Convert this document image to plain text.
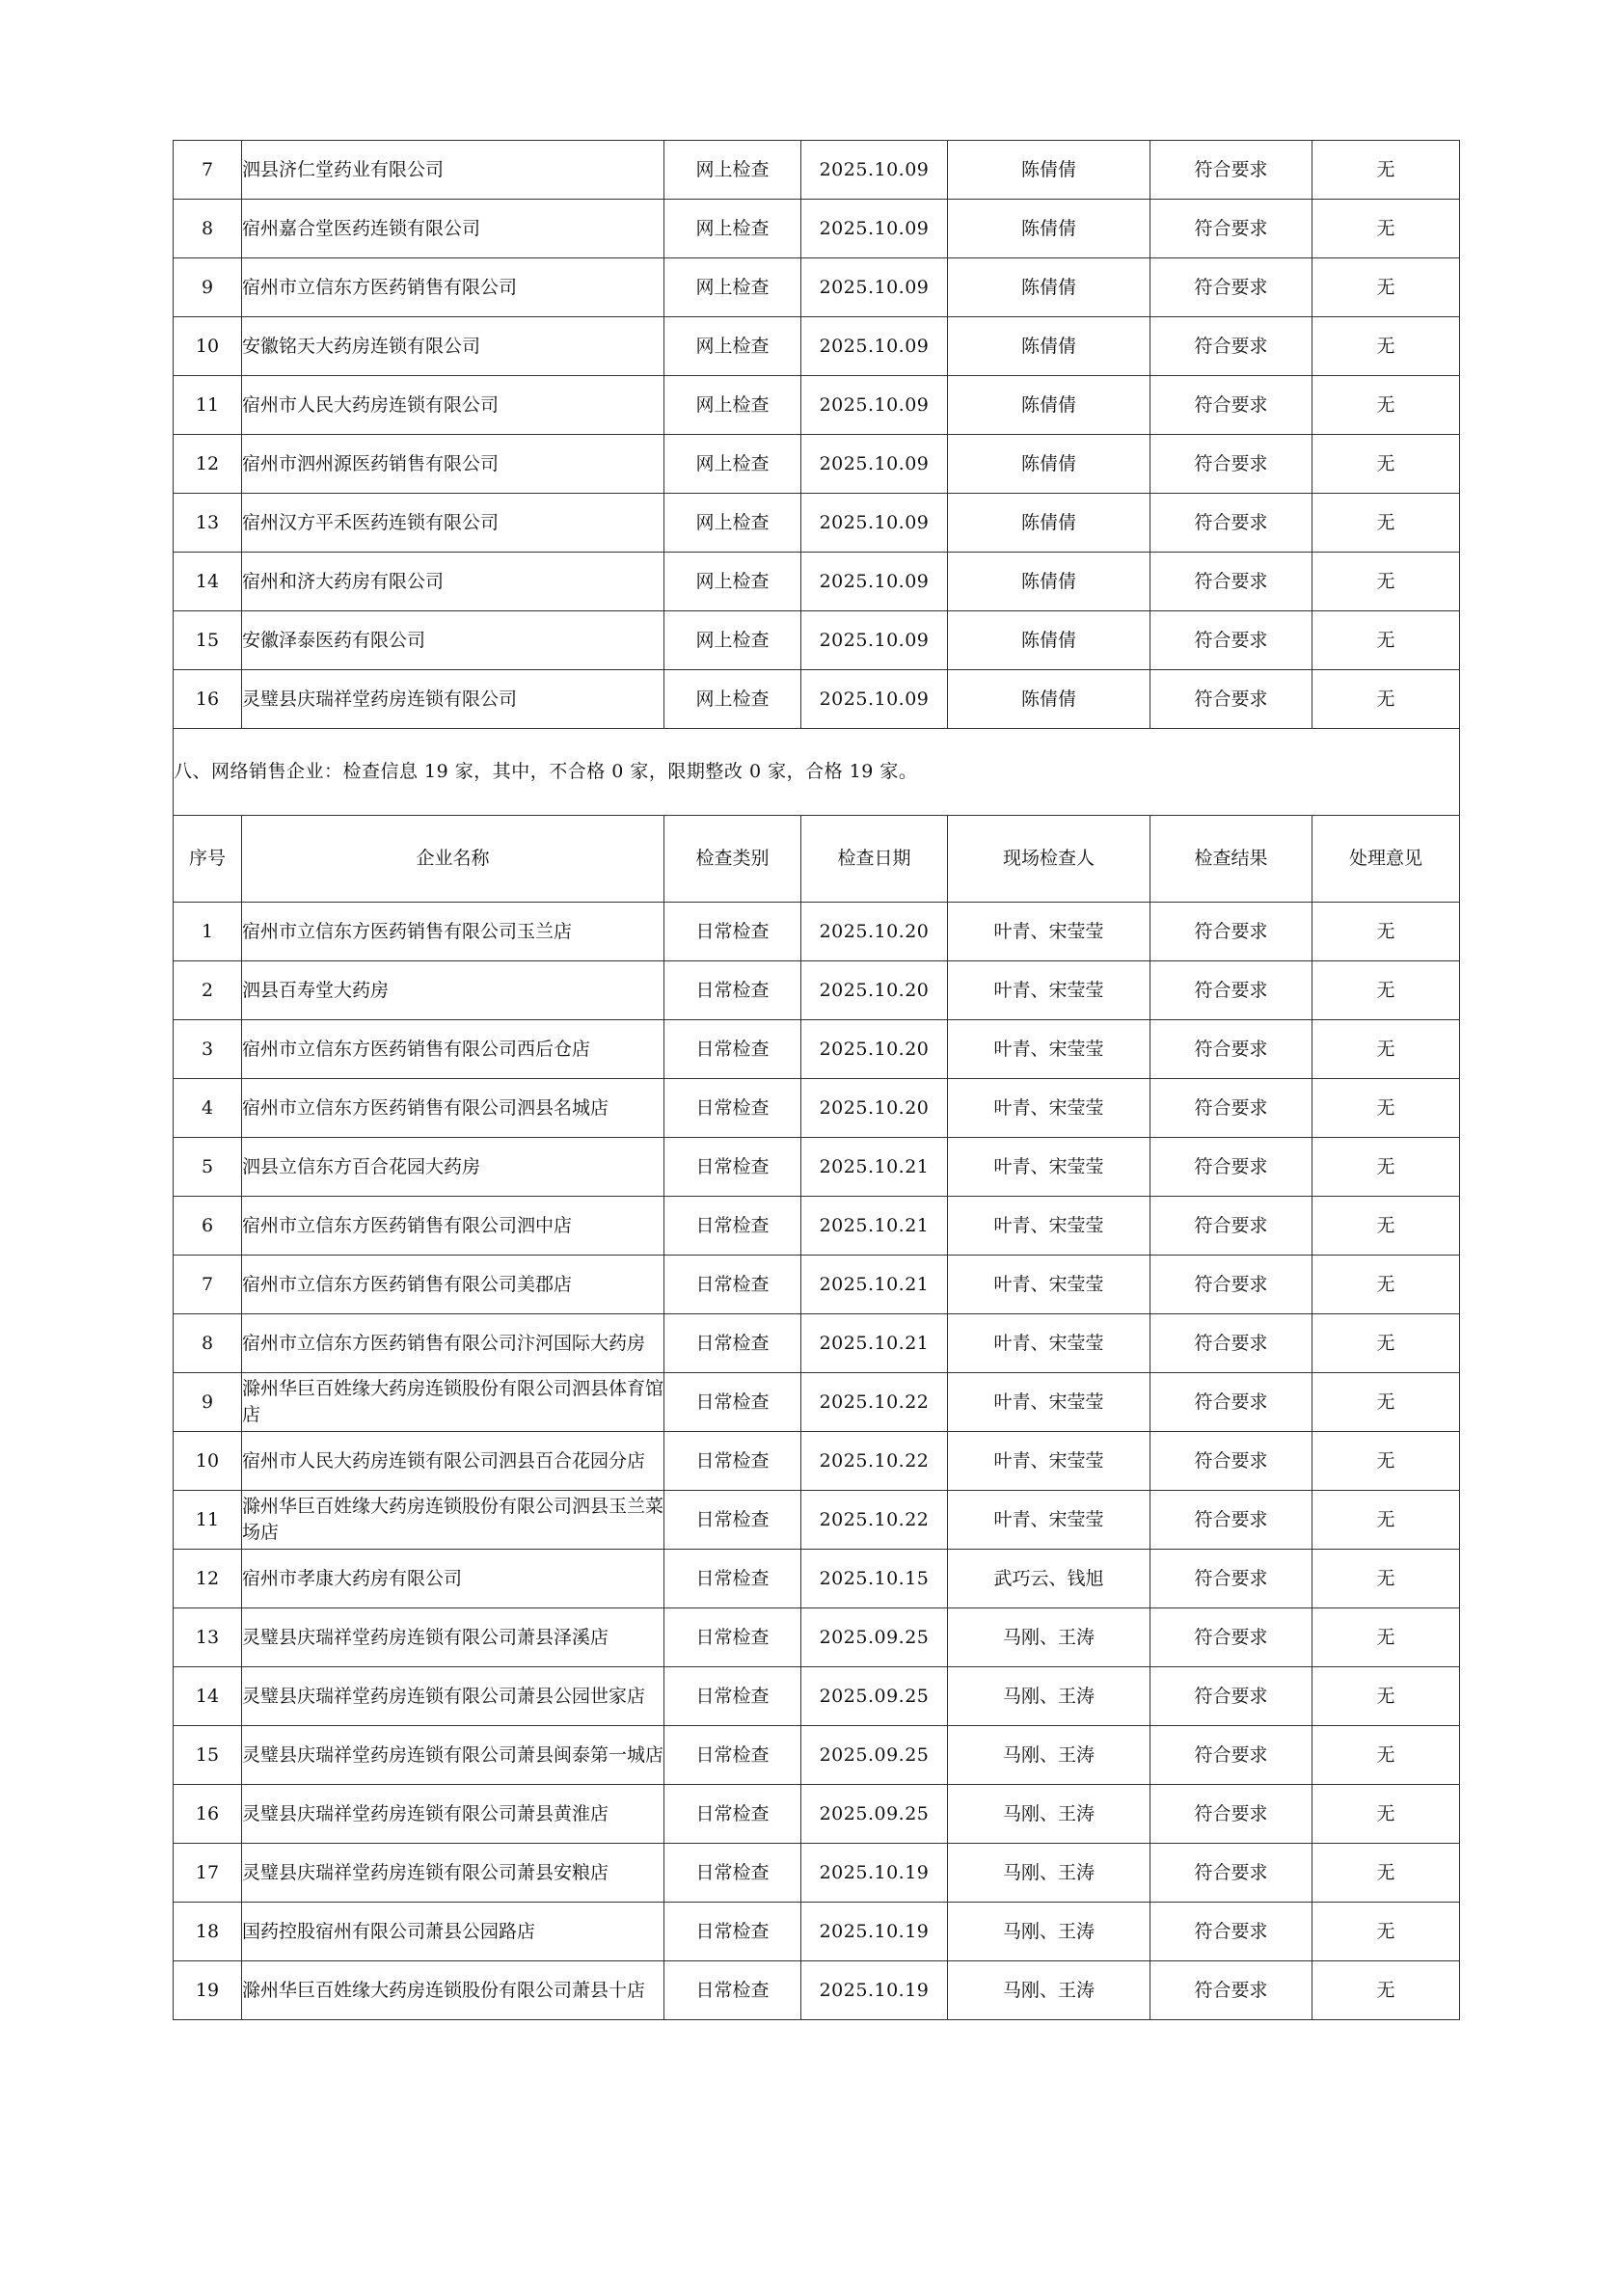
7	泗县济仁堂药业有限公司	网上检查	2025.10.09	陈倩倩	符合要求	无
8	宿州嘉合堂医药连锁有限公司	网上检查	2025.10.09	陈倩倩	符合要求	无
9	宿州市立信东方医药销售有限公司	网上检查	2025.10.09	陈倩倩	符合要求	无
10	安徽铭天大药房连锁有限公司	网上检查	2025.10.09	陈倩倩	符合要求	无
11	宿州市人民大药房连锁有限公司	网上检查	2025.10.09	陈倩倩	符合要求	无
12	宿州市泗州源医药销售有限公司	网上检查	2025.10.09	陈倩倩	符合要求	无
13	宿州汉方平禾医药连锁有限公司	网上检查	2025.10.09	陈倩倩	符合要求	无
14	宿州和济大药房有限公司	网上检查	2025.10.09	陈倩倩	符合要求	无
15	安徽泽泰医药有限公司	网上检查	2025.10.09	陈倩倩	符合要求	无
16	灵璧县庆瑞祥堂药房连锁有限公司	网上检查	2025.10.09	陈倩倩	符合要求	无
八、网络销售企业：检查信息 19 家，其中，不合格 0 家，限期整改 0 家，合格 19 家。						
序号	企业名称	检查类别	检查日期	现场检查人	检查结果	处理意见
1	宿州市立信东方医药销售有限公司玉兰店	日常检查	2025.10.20	叶青、宋莹莹	符合要求	无
2	泗县百寿堂大药房	日常检查	2025.10.20	叶青、宋莹莹	符合要求	无
3	宿州市立信东方医药销售有限公司西后仓店	日常检查	2025.10.20	叶青、宋莹莹	符合要求	无
4	宿州市立信东方医药销售有限公司泗县名城店	日常检查	2025.10.20	叶青、宋莹莹	符合要求	无
5	泗县立信东方百合花园大药房	日常检查	2025.10.21	叶青、宋莹莹	符合要求	无
6	宿州市立信东方医药销售有限公司泗中店	日常检查	2025.10.21	叶青、宋莹莹	符合要求	无
7	宿州市立信东方医药销售有限公司美郡店	日常检查	2025.10.21	叶青、宋莹莹	符合要求	无
8	宿州市立信东方医药销售有限公司汴河国际大药房	日常检查	2025.10.21	叶青、宋莹莹	符合要求	无
9	滁州华巨百姓缘大药房连锁股份有限公司泗县体育馆店	日常检查	2025.10.22	叶青、宋莹莹	符合要求	无
10	宿州市人民大药房连锁有限公司泗县百合花园分店	日常检查	2025.10.22	叶青、宋莹莹	符合要求	无
11	滁州华巨百姓缘大药房连锁股份有限公司泗县玉兰菜场店	日常检查	2025.10.22	叶青、宋莹莹	符合要求	无
12	宿州市孝康大药房有限公司	日常检查	2025.10.15	武巧云、钱旭	符合要求	无
13	灵璧县庆瑞祥堂药房连锁有限公司萧县泽溪店	日常检查	2025.09.25	马刚、王涛	符合要求	无
14	灵璧县庆瑞祥堂药房连锁有限公司萧县公园世家店	日常检查	2025.09.25	马刚、王涛	符合要求	无
15	灵璧县庆瑞祥堂药房连锁有限公司萧县闽泰第一城店	日常检查	2025.09.25	马刚、王涛	符合要求	无
16	灵璧县庆瑞祥堂药房连锁有限公司萧县黄淮店	日常检查	2025.09.25	马刚、王涛	符合要求	无
17	灵璧县庆瑞祥堂药房连锁有限公司萧县安粮店	日常检查	2025.10.19	马刚、王涛	符合要求	无
18	国药控股宿州有限公司萧县公园路店	日常检查	2025.10.19	马刚、王涛	符合要求	无
19	滁州华巨百姓缘大药房连锁股份有限公司萧县十店	日常检查	2025.10.19	马刚、王涛	符合要求	无
